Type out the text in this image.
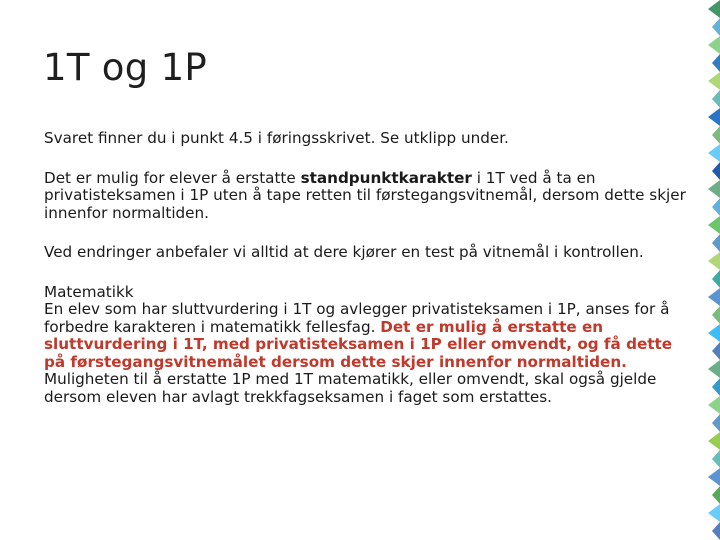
1T og 1P

Svaret finner du i punkt 4.5 i føringsskrivet. Se utklipp under.

Det er mulig for elever å erstatte standpunktkarakter i 1T ved å ta en privatisteksamen i 1P uten å tape retten til førstegangsvitnemål, dersom dette skjer innenfor normaltiden.

Ved endringer anbefaler vi alltid at dere kjører en test på vitnemål i kontrollen.

Matematikk

En elev som har sluttvurdering i 1T og avlegger privatisteksamen i 1P, anses for å forbedre karakteren i matematikk fellesfag. Det er mulig å erstatte en sluttvurdering i 1T, med privatisteksamen i 1P eller omvendt, og få dette på førstegangsvitnemålet dersom dette skjer innenfor normaltiden.

Muligheten til å erstatte 1P med 1T matematikk, eller omvendt, skal også gjelde dersom eleven har avlagt trekkfagseksamen i faget som erstattes.
